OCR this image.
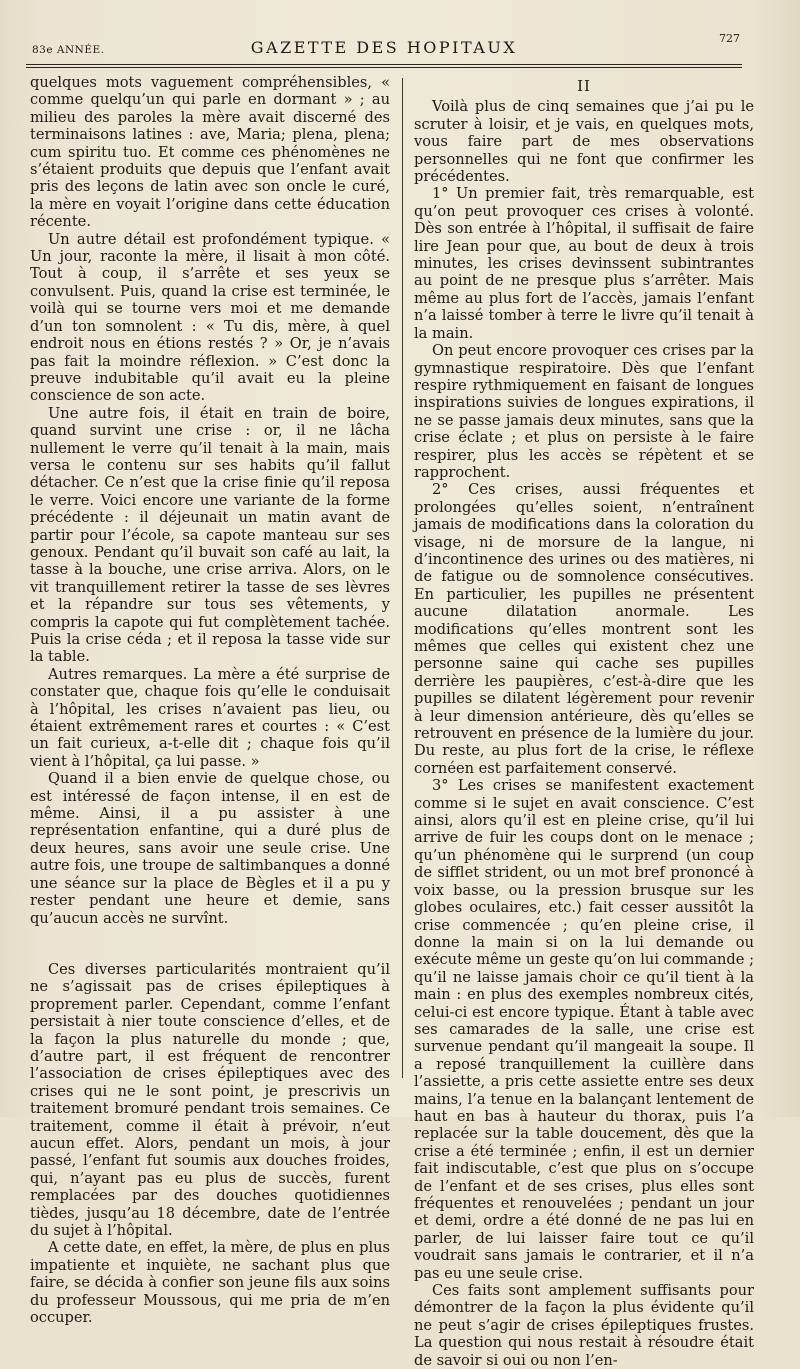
83e ANNÉE.	GAZETTE DES HOPITAUX	727

quelques mots vaguement compréhensibles, « comme quelqu’un qui parle en dormant » ; au milieu des paroles la mère avait discerné des terminaisons latines : ave, Maria; plena, plena; cum spiritu tuo. Et comme ces phénomènes ne s’étaient produits que depuis que l’enfant avait pris des leçons de latin avec son oncle le curé, la mère en voyait l’origine dans cette éducation récente.

Un autre détail est profondément typique. « Un jour, raconte la mère, il lisait à mon côté. Tout à coup, il s’arrête et ses yeux se convulsent. Puis, quand la crise est terminée, le voilà qui se tourne vers moi et me demande d’un ton somnolent : « Tu dis, mère, à quel endroit nous en étions restés ? » Or, je n’avais pas fait la moindre réflexion. » C’est donc la preuve indubitable qu’il avait eu la pleine conscience de son acte.

Une autre fois, il était en train de boire, quand survint une crise : or, il ne lâcha nullement le verre qu’il tenait à la main, mais versa le contenu sur ses habits qu’il fallut détacher. Ce n’est que la crise finie qu’il reposa le verre. Voici encore une variante de la forme précédente : il déjeunait un matin avant de partir pour l’école, sa capote manteau sur ses genoux. Pendant qu’il buvait son café au lait, la tasse à la bouche, une crise arriva. Alors, on le vit tranquillement retirer la tasse de ses lèvres et la répandre sur tous ses vêtements, y compris la capote qui fut complètement tachée. Puis la crise céda ; et il reposa la tasse vide sur la table.

Autres remarques. La mère a été surprise de constater que, chaque fois qu’elle le conduisait à l’hôpital, les crises n’avaient pas lieu, ou étaient extrêmement rares et courtes : « C’est un fait curieux, a-t-elle dit ; chaque fois qu’il vient à l’hôpital, ça lui passe. »

Quand il a bien envie de quelque chose, ou est intéressé de façon intense, il en est de même. Ainsi, il a pu assister à une représentation enfantine, qui a duré plus de deux heures, sans avoir une seule crise. Une autre fois, une troupe de saltimbanques a donné une séance sur la place de Bègles et il a pu y rester pendant une heure et demie, sans qu’aucun accès ne survînt.

Ces diverses particularités montraient qu’il ne s’agissait pas de crises épileptiques à proprement parler. Cependant, comme l’enfant persistait à nier toute conscience d’elles, et de la façon la plus naturelle du monde ; que, d’autre part, il est fréquent de rencontrer l’association de crises épileptiques avec des crises qui ne le sont point, je prescrivis un traitement bromuré pendant trois semaines. Ce traitement, comme il était à prévoir, n’eut aucun effet. Alors, pendant un mois, à jour passé, l’enfant fut soumis aux douches froides, qui, n’ayant pas eu plus de succès, furent remplacées par des douches quotidiennes tièdes, jusqu’au 18 décembre, date de l’entrée du sujet à l’hôpital.

A cette date, en effet, la mère, de plus en plus impatiente et inquiète, ne sachant plus que faire, se décida à confier son jeune fils aux soins du professeur Moussous, qui me pria de m’en occuper.

II

Voilà plus de cinq semaines que j’ai pu le scruter à loisir, et je vais, en quelques mots, vous faire part de mes observations personnelles qui ne font que confirmer les précédentes.

1° Un premier fait, très remarquable, est qu’on peut provoquer ces crises à volonté. Dès son entrée à l’hôpital, il suffisait de faire lire Jean pour que, au bout de deux à trois minutes, les crises devinssent subintrantes au point de ne presque plus s’arrêter. Mais même au plus fort de l’accès, jamais l’enfant n’a laissé tomber à terre le livre qu’il tenait à la main.

On peut encore provoquer ces crises par la gymnastique respiratoire. Dès que l’enfant respire rythmiquement en faisant de longues inspirations suivies de longues expirations, il ne se passe jamais deux minutes, sans que la crise éclate ; et plus on persiste à le faire respirer, plus les accès se répètent et se rapprochent.

2° Ces crises, aussi fréquentes et prolongées qu’elles soient, n’entraînent jamais de modifications dans la coloration du visage, ni de morsure de la langue, ni d’incontinence des urines ou des matières, ni de fatigue ou de somnolence consécutives. En particulier, les pupilles ne présentent aucune dilatation anormale. Les modifications qu’elles montrent sont les mêmes que celles qui existent chez une personne saine qui cache ses pupilles derrière les paupières, c’est-à-dire que les pupilles se dilatent légèrement pour revenir à leur dimension antérieure, dès qu’elles se retrouvent en présence de la lumière du jour. Du reste, au plus fort de la crise, le réflexe cornéen est parfaitement conservé.

3° Les crises se manifestent exactement comme si le sujet en avait conscience. C’est ainsi, alors qu’il est en pleine crise, qu’il lui arrive de fuir les coups dont on le menace ; qu’un phénomène qui le surprend (un coup de sifflet strident, ou un mot bref prononcé à voix basse, ou la pression brusque sur les globes oculaires, etc.) fait cesser aussitôt la crise commencée ; qu’en pleine crise, il donne la main si on la lui demande ou exécute même un geste qu’on lui commande ; qu’il ne laisse jamais choir ce qu’il tient à la main : en plus des exemples nombreux cités, celui-ci est encore typique. Étant à table avec ses camarades de la salle, une crise est survenue pendant qu’il mangeait la soupe. Il a reposé tranquillement la cuillère dans l’assiette, a pris cette assiette entre ses deux mains, l’a tenue en la balançant lentement de haut en bas à hauteur du thorax, puis l’a replacée sur la table doucement, dès que la crise a été terminée ; enfin, il est un dernier fait indiscutable, c’est que plus on s’occupe de l’enfant et de ses crises, plus elles sont fréquentes et renouvelées ; pendant un jour et demi, ordre a été donné de ne pas lui en parler, de lui laisser faire tout ce qu’il voudrait sans jamais le contrarier, et il n’a pas eu une seule crise.

Ces faits sont amplement suffisants pour démontrer de la façon la plus évidente qu’il ne peut s’agir de crises épileptiques frustes. La question qui nous restait à résoudre était de savoir si oui ou non l’en-
